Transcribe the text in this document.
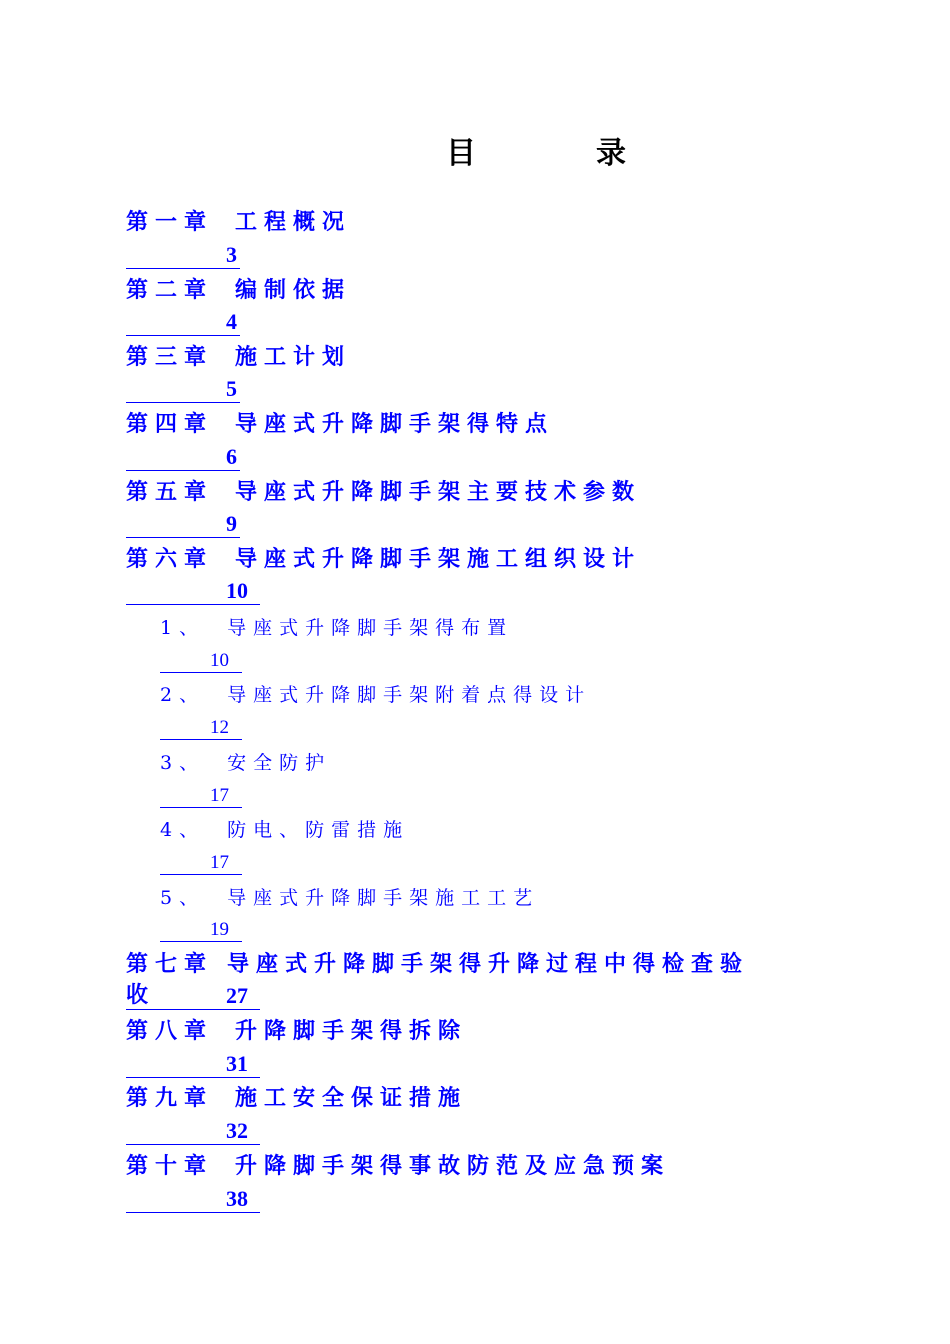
目	录
第一章 工程概况
3
第二章 编制依据
4
第三章 施工计划
5
第四章 导座式升降脚手架得特点
6
第五章 导座式升降脚手架主要技术参数
9
第六章 导座式升降脚手架施工组织设计
10
1、 导座式升降脚手架得布置
10
2、 导座式升降脚手架附着点得设计
12
3、 安全防护
17
4、 防电、防雷措施
17
5、 导座式升降脚手架施工工艺
19
第七章 导座式升降脚手架得升降过程中得检查验
收	27
第八章 升降脚手架得拆除
31
第九章 施工安全保证措施
32
第十章 升降脚手架得事故防范及应急预案
38
